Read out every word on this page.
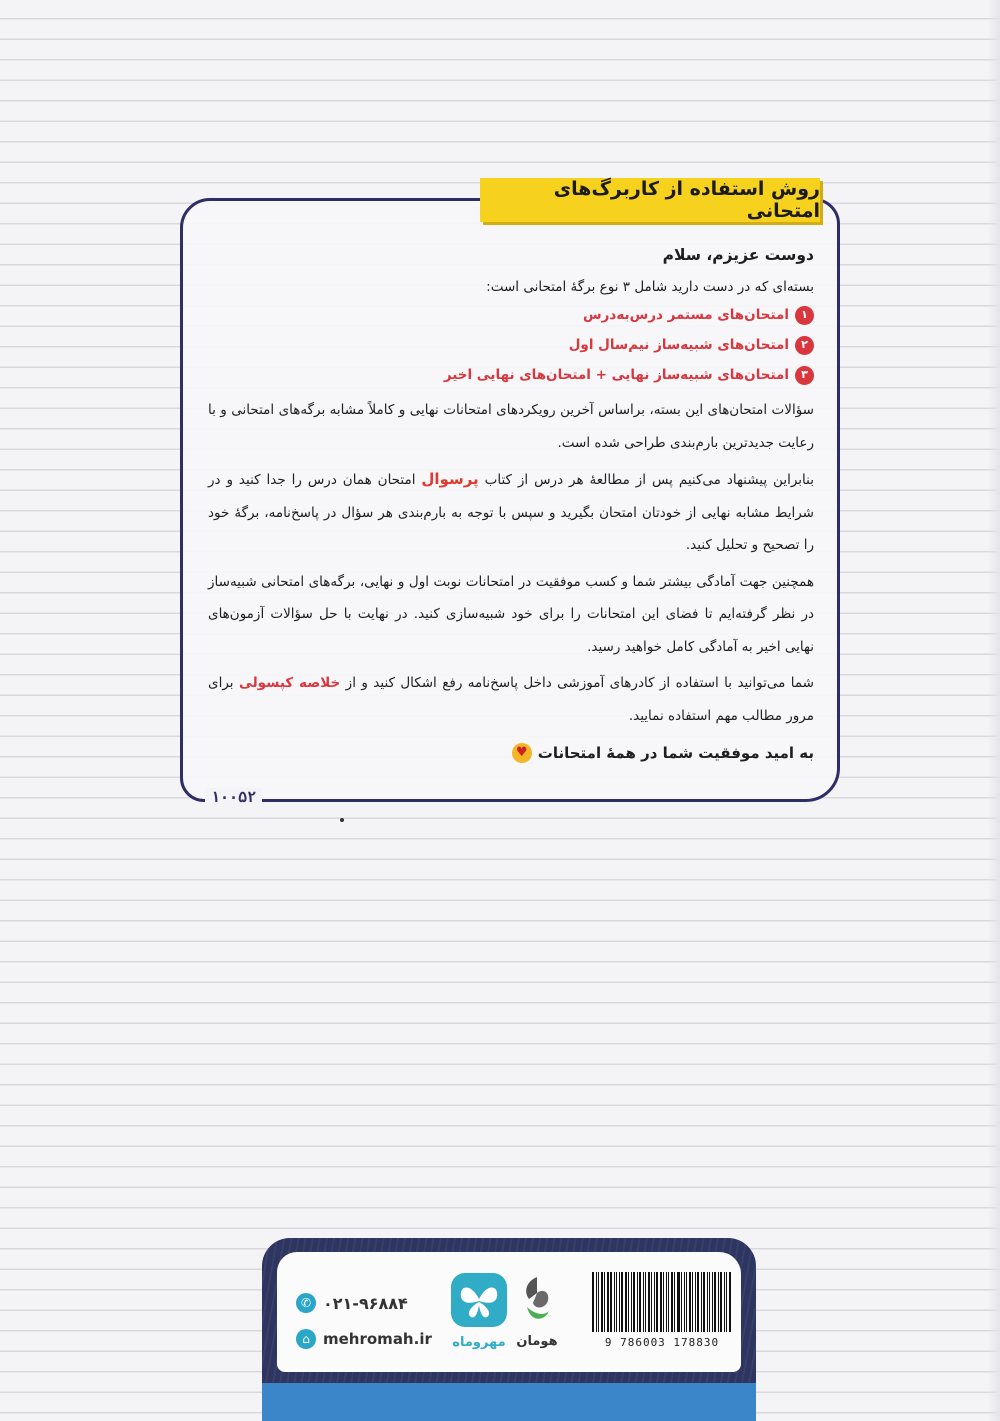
۱۰۰۵۲
روش استفاده از کاربرگ‌های امتحانی
دوست عزیزم، سلام
بسته‌ای که در دست دارید شامل ۳ نوع برگهٔ امتحانی است:
۱
امتحان‌های مستمر درس‌به‌درس
۲
امتحان‌های شبیه‌ساز نیم‌سال اول
۳
امتحان‌های شبیه‌ساز نهایی + امتحان‌های نهایی اخیر
سؤالات امتحان‌های این بسته، براساس آخرین رویکردهای امتحانات نهایی و کاملاً مشابه برگه‌های امتحانی و با رعایت جدیدترین بارم‌بندی طراحی شده است.
بنابراین پیشنهاد می‌کنیم پس از مطالعهٔ هر درس از کتاب پرسوال امتحان همان درس را جدا کنید و در شرایط مشابه نهایی از خودتان امتحان بگیرید و سپس با توجه به بارم‌بندی هر سؤال در پاسخ‌نامه، برگهٔ خود را تصحیح و تحلیل کنید.
همچنین جهت آمادگی بیشتر شما و کسب موفقیت در امتحانات نوبت اول و نهایی، برگه‌های امتحانی شبیه‌ساز در نظر گرفته‌ایم تا فضای این امتحانات را برای خود شبیه‌سازی کنید. در نهایت با حل سؤالات آزمون‌های نهایی اخیر به آمادگی کامل خواهید رسید.
شما می‌توانید با استفاده از کادرهای آموزشی داخل پاسخ‌نامه رفع اشکال کنید و از خلاصه کپسولی برای مرور مطالب مهم استفاده نمایید.
به امید موفقیت شما در همهٔ امتحانات
♥
✆ ۰۲۱-۹۶۸۸۴
⌂ mehromah.ir	مهروماه هومان	9 786003 178830
